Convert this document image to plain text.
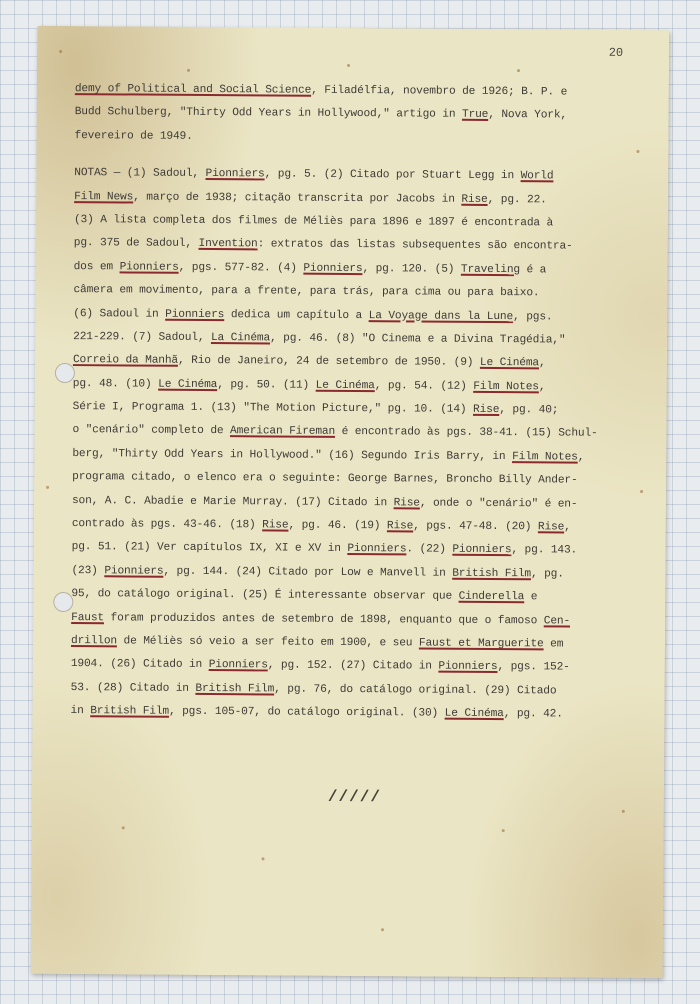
20
demy of Political and Social Science, Filadélfia, novembro de 1926; B. P. e
Budd Schulberg, "Thirty Odd Years in Hollywood," artigo in True, Nova York,
fevereiro de 1949.
NOTAS — (1) Sadoul, Pionniers, pg. 5. (2) Citado por Stuart Legg in World
Film News, março de 1938; citação transcrita por Jacobs in Rise, pg. 22.
(3) A lista completa dos filmes de Méliès para 1896 e 1897 é encontrada à
pg. 375 de Sadoul, Invention: extratos das listas subsequentes são encontra-
dos em Pionniers, pgs. 577-82. (4) Pionniers, pg. 120. (5) Traveling é a
câmera em movimento, para a frente, para trás, para cima ou para baixo.
(6) Sadoul in Pionniers dedica um capítulo a La Voyage dans la Lune, pgs.
221-229. (7) Sadoul, La Cinéma, pg. 46. (8) "O Cinema e a Divina Tragédia,"
Correio da Manhã, Rio de Janeiro, 24 de setembro de 1950. (9) Le Cinéma,
pg. 48. (10) Le Cinéma, pg. 50. (11) Le Cinéma, pg. 54. (12) Film Notes,
Série I, Programa 1. (13) "The Motion Picture," pg. 10. (14) Rise, pg. 40;
o "cenário" completo de American Fireman é encontrado às pgs. 38-41. (15) Schul-
berg, "Thirty Odd Years in Hollywood." (16) Segundo Iris Barry, in Film Notes,
programa citado, o elenco era o seguinte: George Barnes, Broncho Billy Ander-
son, A. C. Abadie e Marie Murray. (17) Citado in Rise, onde o "cenário" é en-
contrado às pgs. 43-46. (18) Rise, pg. 46. (19) Rise, pgs. 47-48. (20) Rise,
pg. 51. (21) Ver capítulos IX, XI e XV in Pionniers. (22) Pionniers, pg. 143.
(23) Pionniers, pg. 144. (24) Citado por Low e Manvell in British Film, pg.
95, do catálogo original. (25) É interessante observar que Cinderella e
Faust foram produzidos antes de setembro de 1898, enquanto que o famoso Cen-
drillon de Méliès só veio a ser feito em 1900, e seu Faust et Marguerite em
1904. (26) Citado in Pionniers, pg. 152. (27) Citado in Pionniers, pgs. 152-
53. (28) Citado in British Film, pg. 76, do catálogo original. (29) Citado
in British Film, pgs. 105-07, do catálogo original. (30) Le Cinéma, pg. 42.
/////
